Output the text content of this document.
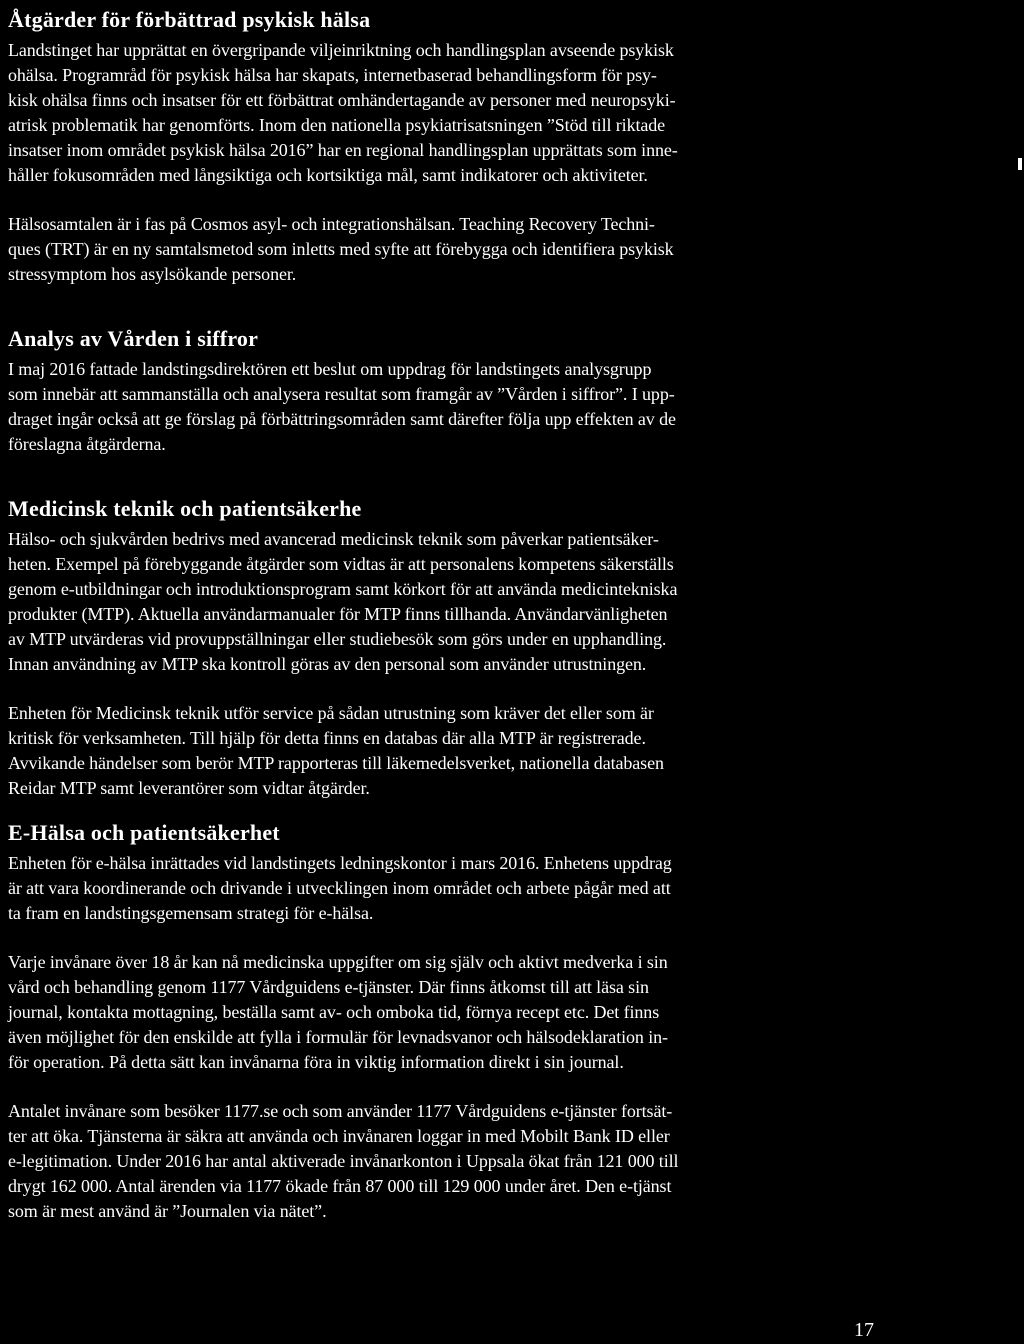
Åtgärder för förbättrad psykisk hälsa

Landstinget har upprättat en övergripande viljeinriktning och handlingsplan avseende psykisk
ohälsa. Programråd för psykisk hälsa har skapats, internetbaserad behandlingsform för psy-
kisk ohälsa finns och insatser för ett förbättrat omhändertagande av personer med neuropsyki-
atrisk problematik har genomförts. Inom den nationella psykiatrisatsningen ”Stöd till riktade
insatser inom området psykisk hälsa 2016” har en regional handlingsplan upprättats som inne-
håller fokusområden med långsiktiga och kortsiktiga mål, samt indikatorer och aktiviteter.

Hälsosamtalen är i fas på Cosmos asyl- och integrationshälsan. Teaching Recovery Techni-
ques (TRT) är en ny samtalsmetod som inletts med syfte att förebygga och identifiera psykisk
stressymptom hos asylsökande personer.

Analys av Vården i siffror

I maj 2016 fattade landstingsdirektören ett beslut om uppdrag för landstingets analysgrupp
som innebär att sammanställa och analysera resultat som framgår av ”Vården i siffror”. I upp-
draget ingår också att ge förslag på förbättringsområden samt därefter följa upp effekten av de
föreslagna åtgärderna.

Medicinsk teknik och patientsäkerhe

Hälso- och sjukvården bedrivs med avancerad medicinsk teknik som påverkar patientsäker-
heten. Exempel på förebyggande åtgärder som vidtas är att personalens kompetens säkerställs
genom e-utbildningar och introduktionsprogram samt körkort för att använda medicintekniska
produkter (MTP). Aktuella användarmanualer för MTP finns tillhanda. Användarvänligheten
av MTP utvärderas vid provuppställningar eller studiebesök som görs under en upphandling.
Innan användning av MTP ska kontroll göras av den personal som använder utrustningen.

Enheten för Medicinsk teknik utför service på sådan utrustning som kräver det eller som är
kritisk för verksamheten. Till hjälp för detta finns en databas där alla MTP är registrerade.
Avvikande händelser som berör MTP rapporteras till läkemedelsverket, nationella databasen
Reidar MTP samt leverantörer som vidtar åtgärder.

E-Hälsa och patientsäkerhet

Enheten för e-hälsa inrättades vid landstingets ledningskontor i mars 2016. Enhetens uppdrag
är att vara koordinerande och drivande i utvecklingen inom området och arbete pågår med att
ta fram en landstingsgemensam strategi för e-hälsa.

Varje invånare över 18 år kan nå medicinska uppgifter om sig själv och aktivt medverka i sin
vård och behandling genom 1177 Vårdguidens e-tjänster. Där finns åtkomst till att läsa sin
journal, kontakta mottagning, beställa samt av- och omboka tid, förnya recept etc. Det finns
även möjlighet för den enskilde att fylla i formulär för levnadsvanor och hälsodeklaration in-
för operation. På detta sätt kan invånarna föra in viktig information direkt i sin journal.

Antalet invånare som besöker 1177.se och som använder 1177 Vårdguidens e-tjänster fortsät-
ter att öka. Tjänsterna är säkra att använda och invånaren loggar in med Mobilt Bank ID eller
e-legitimation. Under 2016 har antal aktiverade invånarkonton i Uppsala ökat från 121 000 till
drygt 162 000. Antal ärenden via 1177 ökade från 87 000 till 129 000 under året. Den e-tjänst
som är mest använd är ”Journalen via nätet”.

17
